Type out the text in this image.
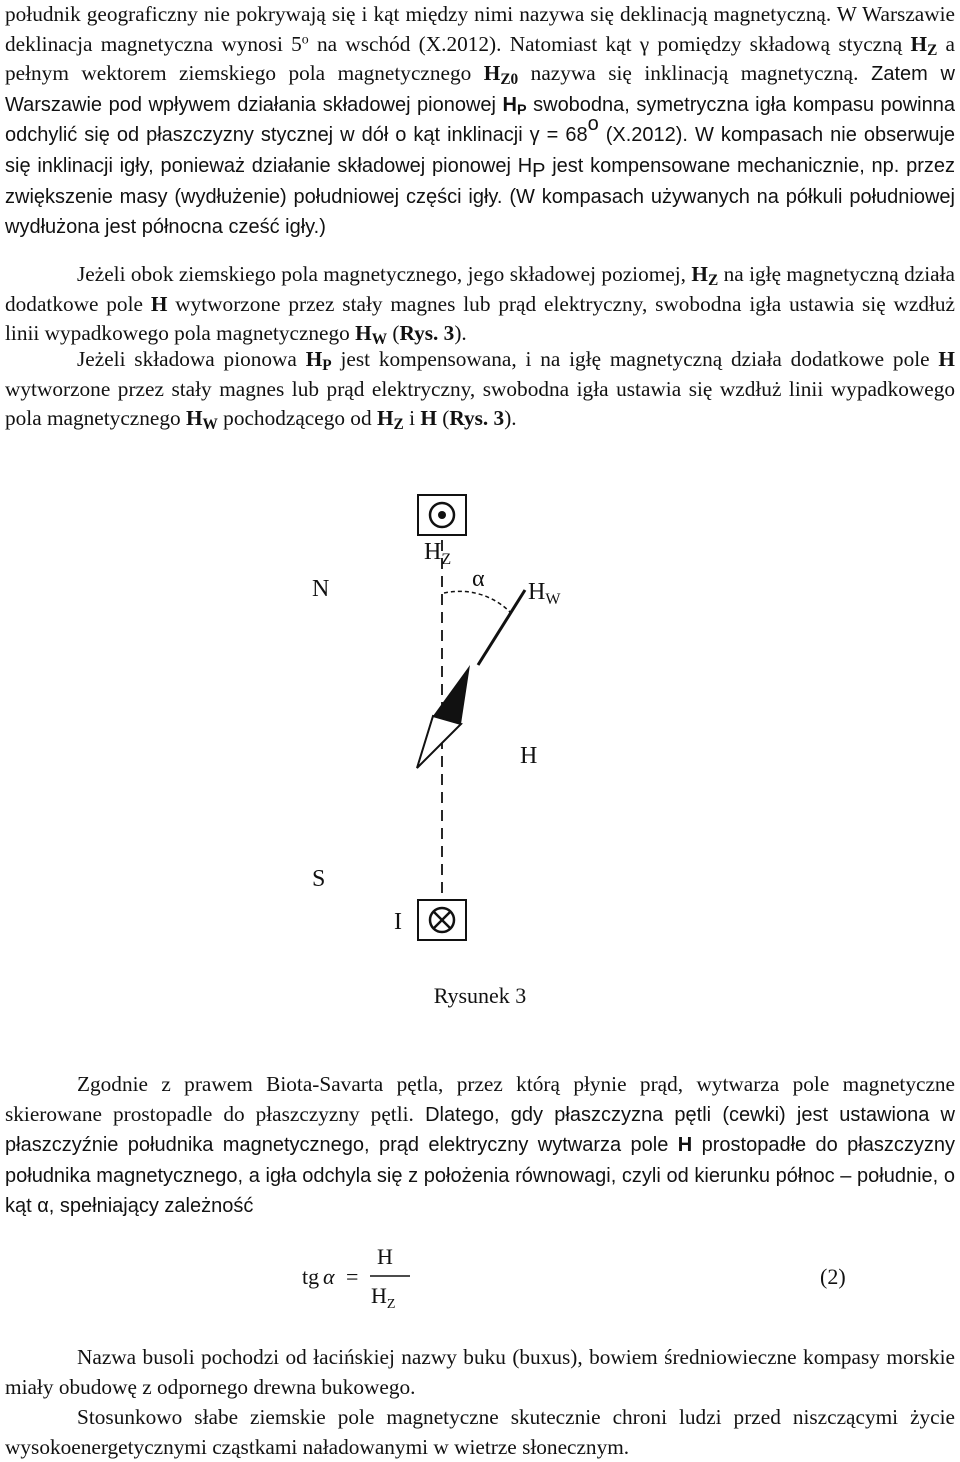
południk geograficzny nie pokrywają się i kąt między nimi nazywa się deklinacją magnetyczną. W Warszawie deklinacja magnetyczna wynosi 5$^o$ na wschód (X.2012). Natomiast kąt γ pomiędzy składową styczną $H_Z$ a pełnym wektorem ziemskiego pola magnetycznego $H_{Z0}$ nazywa się inklinacją magnetyczną. Zatem w Warszawie pod wpływem działania składowej pionowej $H_P$ swobodna, symetryczna igła kompasu powinna odchylić się od płaszczyzny stycznej w dół o kąt inklinacji $\gamma = 68^o$ (X.2012). W kompasach nie obserwuje się inklinacji igły, ponieważ działanie składowej pionowej $H_P$ jest kompensowane mechanicznie, np. przez zwiększenie masy (wydłużenie) południowej części igły. (W kompasach używanych na półkuli południowej wydłużona jest północna cześć igły.)

Jeżeli obok ziemskiego pola magnetycznego, jego składowej poziomej, $H_Z$ na igłę magnetyczną działa dodatkowe pole H wytworzone przez stały magnes lub prąd elektryczny, swobodna igła ustawia się wzdłuż linii wypadkowego pola magnetycznego $H_W$ (Rys. 3).

Jeżeli składowa pionowa $H_P$ jest kompensowana, i na igłę magnetyczną działa dodatkowe pole H wytworzone przez stały magnes lub prąd elektryczny, swobodna igła ustawia się wzdłuż linii wypadkowego pola magnetycznego $H_W$ pochodzącego od $H_Z$ i H (Rys. 3).

N
S
I
$H_Z$
α $H_W$
H
Rysunek 3

Zgodnie z prawem Biota-Savarta pętla, przez którą płynie prąd, wytwarza pole magnetyczne skierowane prostopadle do płaszczyzny pętli. Dlatego, gdy płaszczyzna pętli (cewki) jest ustawiona w płaszczyźnie południka magnetycznego, prąd elektryczny wytwarza pole H prostopadłe do płaszczyzny południka magnetycznego, a igła odchyla się z położenia równowagi, czyli od kierunku północ – południe, o kąt α, spełniający zależność

tg α =
H
$H_Z$
(2)

Nazwa busoli pochodzi od łacińskiej nazwy buku (buxus), bowiem średniowieczne kompasy morskie miały obudowę z odpornego drewna bukowego.

Stosunkowo słabe ziemskie pole magnetyczne skutecznie chroni ludzi przed niszczącymi życie wysokoenergetycznymi cząstkami naładowanymi w wietrze słonecznym.
